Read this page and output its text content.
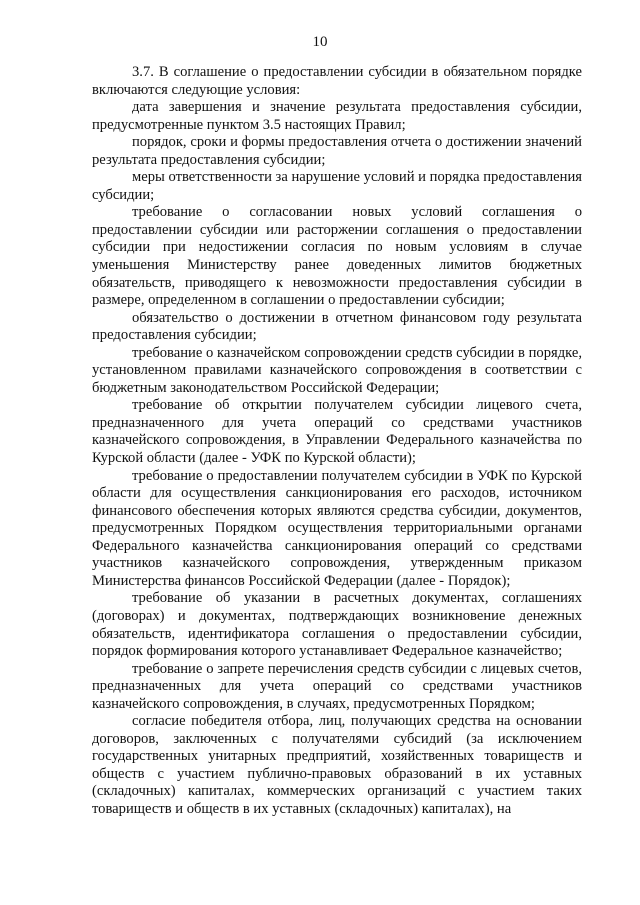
10

3.7. В соглашение о предоставлении субсидии в обязательном порядке включаются следующие условия:

дата завершения и значение результата предоставления субсидии, предусмотренные пунктом 3.5 настоящих Правил;

порядок, сроки и формы предоставления отчета о достижении значений результата предоставления субсидии;

меры ответственности за нарушение условий и порядка предоставления субсидии;

требование о согласовании новых условий соглашения о предоставлении субсидии или расторжении соглашения о предоставлении субсидии при недостижении согласия по новым условиям в случае уменьшения Министерству ранее доведенных лимитов бюджетных обязательств, приводящего к невозможности предоставления субсидии в размере, определенном в соглашении о предоставлении субсидии;

обязательство о достижении в отчетном финансовом году результата предоставления субсидии;

требование о казначейском сопровождении средств субсидии в порядке, установленном правилами казначейского сопровождения в соответствии с бюджетным законодательством Российской Федерации;

требование об открытии получателем субсидии лицевого счета, предназначенного для учета операций со средствами участников казначейского сопровождения, в Управлении Федерального казначейства по Курской области (далее - УФК по Курской области);

требование о предоставлении получателем субсидии в УФК по Курской области для осуществления санкционирования его расходов, источником финансового обеспечения которых являются средства субсидии, документов, предусмотренных Порядком осуществления территориальными органами Федерального казначейства санкционирования операций со средствами участников казначейского сопровождения, утвержденным приказом Министерства финансов Российской Федерации (далее - Порядок);

требование об указании в расчетных документах, соглашениях (договорах) и документах, подтверждающих возникновение денежных обязательств, идентификатора соглашения о предоставлении субсидии, порядок формирования которого устанавливает Федеральное казначейство;

требование о запрете перечисления средств субсидии с лицевых счетов, предназначенных для учета операций со средствами участников казначейского сопровождения, в случаях, предусмотренных Порядком;

согласие победителя отбора, лиц, получающих средства на основании договоров, заключенных с получателями субсидий (за исключением государственных унитарных предприятий, хозяйственных товариществ и обществ с участием публично-правовых образований в их уставных (складочных) капиталах, коммерческих организаций с участием таких товариществ и обществ в их уставных (складочных) капиталах), на
